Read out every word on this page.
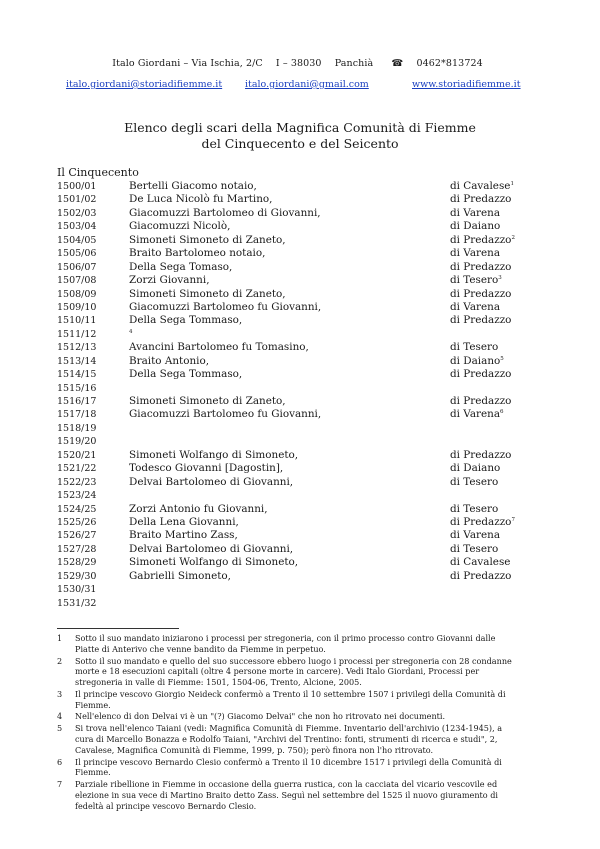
Italo Giordani – Via Ischia, 2/C I – 38030 Panchià ☎ 0462*813724
italo.giordani@storiadifiemme.it italo.giordani@gmail.com	www.storiadifiemme.it
Elenco degli scari della Magnifica Comunità di Fiemme
del Cinquecento e del Seicento
Il Cinquecento
1500/01	Bertelli Giacomo notaio,	di Cavalese$^1$
1501/02	De Luca Nicolò fu Martino,	di Predazzo
1502/03	Giacomuzzi Bartolomeo di Giovanni,	di Varena
1503/04	Giacomuzzi Nicolò,	di Daiano
1504/05	Simoneti Simoneto di Zaneto,	di Predazzo$^2$
1505/06	Braito Bartolomeo notaio,	di Varena
1506/07	Della Sega Tomaso,	di Predazzo
1507/08	Zorzi Giovanni,	di Tesero$^3$
1508/09	Simoneti Simoneto di Zaneto,	di Predazzo
1509/10	Giacomuzzi Bartolomeo fu Giovanni,	di Varena
1510/11	Della Sega Tommaso,	di Predazzo
1511/12	$^4$
1512/13	Avancini Bartolomeo fu Tomasino,	di Tesero
1513/14	Braito Antonio,	di Daiano$^5$
1514/15	Della Sega Tommaso,	di Predazzo
1515/16
1516/17	Simoneti Simoneto di Zaneto,	di Predazzo
1517/18	Giacomuzzi Bartolomeo fu Giovanni,	di Varena$^6$
1518/19
1519/20
1520/21	Simoneti Wolfango di Simoneto,	di Predazzo
1521/22	Todesco Giovanni [Dagostin],	di Daiano
1522/23	Delvai Bartolomeo di Giovanni,	di Tesero
1523/24
1524/25	Zorzi Antonio fu Giovanni,	di Tesero
1525/26	Della Lena Giovanni,	di Predazzo$^7$
1526/27	Braito Martino Zass,	di Varena
1527/28	Delvai Bartolomeo di Giovanni,	di Tesero
1528/29	Simoneti Wolfango di Simoneto,	di Cavalese
1529/30	Gabrielli Simoneto,	di Predazzo
1530/31
1531/32
1 Sotto il suo mandato iniziarono i processi per stregoneria, con il primo processo contro Giovanni dalle Piatte di Anterivo che venne bandito da Fiemme in perpetuo.
2 Sotto il suo mandato e quello del suo successore ebbero luogo i processi per stregoneria con 28 condanne morte e 18 esecuzioni capitali (oltre 4 persone morte in carcere). Vedi Italo Giordani, Processi per stregoneria in valle di Fiemme: 1501, 1504-06, Trento, Alcione, 2005.
3 Il principe vescovo Giorgio Neideck confermò a Trento il 10 settembre 1507 i privilegi della Comunità di Fiemme.
4 Nell'elenco di don Delvai vi è un "(?) Giacomo Delvai" che non ho ritrovato nei documenti.
5 Si trova nell'elenco Taiani (vedi: Magnifica Comunità di Fiemme. Inventario dell'archivio (1234-1945), a cura di Marcello Bonazza e Rodolfo Taiani, "Archivi del Trentino: fonti, strumenti di ricerca e studi", 2, Cavalese, Magnifica Comunità di Fiemme, 1999, p. 750); però finora non l'ho ritrovato.
6 Il principe vescovo Bernardo Clesio confermò a Trento il 10 dicembre 1517 i privilegi della Comunità di Fiemme.
7 Parziale ribellione in Fiemme in occasione della guerra rustica, con la cacciata del vicario vescovile ed elezione in sua vece di Martino Braito detto Zass. Seguì nel settembre del 1525 il nuovo giuramento di fedeltà al principe vescovo Bernardo Clesio.
